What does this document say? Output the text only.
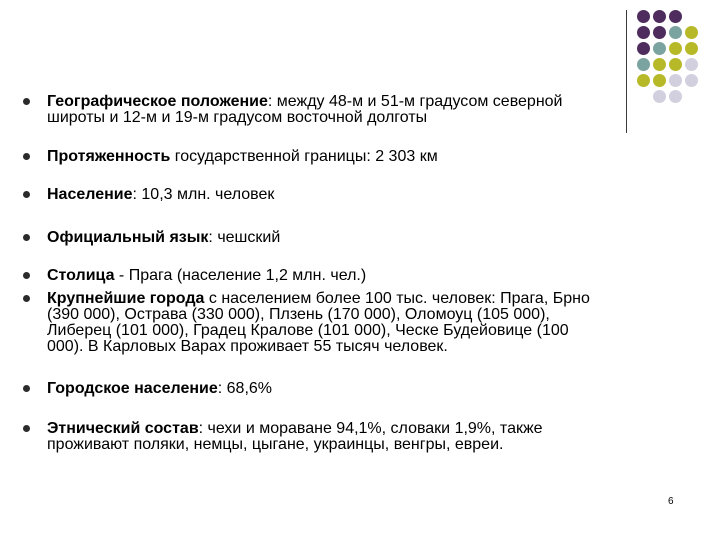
Географическое положение: между 48-м и 51-м градусом северной широты и 12-м и 19-м градусом восточной долготы
Протяженность государственной границы: 2 303 км
Население: 10,3 млн. человек
Официальный язык: чешский
Столица - Прага (население 1,2 млн. чел.)
Крупнейшие города с населением более 100 тыс. человек: Прага, Брно (390 000), Острава (330 000), Плзень (170 000), Оломоуц (105 000), Либерец (101 000), Градец Кралове (101 000), Ческе Будейовице (100 000). В Карловых Варах проживает 55 тысяч человек.
Городское население: 68,6%
Этнический состав: чехи и мораване 94,1%, словаки 1,9%, также проживают поляки, немцы, цыгане, украинцы, венгры, евреи.
6
